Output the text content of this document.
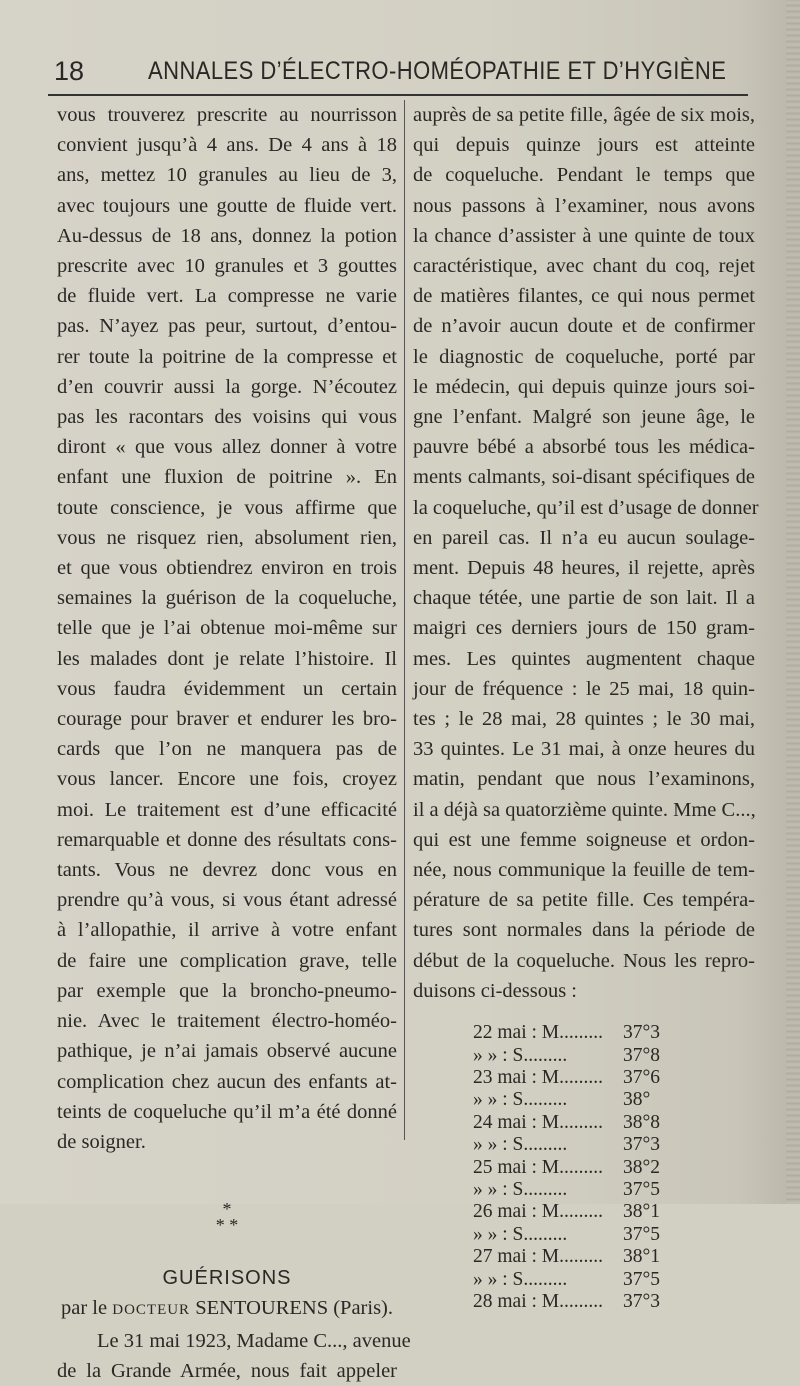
18	ANNALES D’ÉLECTRO-HOMÉOPATHIE ET D’HYGIÈNE
vous trouverez prescrite au nourrisson
convient jusqu’à 4 ans. De 4 ans à 18
ans, mettez 10 granules au lieu de 3,
avec toujours une goutte de fluide vert.
Au-dessus de 18 ans, donnez la potion
prescrite avec 10 granules et 3 gouttes
de fluide vert. La compresse ne varie
pas. N’ayez pas peur, surtout, d’entou-
rer toute la poitrine de la compresse et
d’en couvrir aussi la gorge. N’écoutez
pas les racontars des voisins qui vous
diront « que vous allez donner à votre
enfant une fluxion de poitrine ». En
toute conscience, je vous affirme que
vous ne risquez rien, absolument rien,
et que vous obtiendrez environ en trois
semaines la guérison de la coqueluche,
telle que je l’ai obtenue moi-même sur
les malades dont je relate l’histoire. Il
vous faudra évidemment un certain
courage pour braver et endurer les bro-
cards que l’on ne manquera pas de
vous lancer. Encore une fois, croyez
moi. Le traitement est d’une efficacité
remarquable et donne des résultats cons-
tants. Vous ne devrez donc vous en
prendre qu’à vous, si vous étant adressé
à l’allopathie, il arrive à votre enfant
de faire une complication grave, telle
par exemple que la broncho-pneumo-
nie. Avec le traitement électro-homéo-
pathique, je n’ai jamais observé aucune
complication chez aucun des enfants at-
teints de coqueluche qu’il m’a été donné
de soigner.
*
* *
GUÉRISONS
par le DOCTEUR SENTOURENS (Paris).
Le 31 mai 1923, Madame C..., avenue
de la Grande Armée, nous fait appeler
auprès de sa petite fille, âgée de six mois,
qui depuis quinze jours est atteinte
de coqueluche. Pendant le temps que
nous passons à l’examiner, nous avons
la chance d’assister à une quinte de toux
caractéristique, avec chant du coq, rejet
de matières filantes, ce qui nous permet
de n’avoir aucun doute et de confirmer
le diagnostic de coqueluche, porté par
le médecin, qui depuis quinze jours soi-
gne l’enfant. Malgré son jeune âge, le
pauvre bébé a absorbé tous les médica-
ments calmants, soi-disant spécifiques de
la coqueluche, qu’il est d’usage de donner
en pareil cas. Il n’a eu aucun soulage-
ment. Depuis 48 heures, il rejette, après
chaque tétée, une partie de son lait. Il a
maigri ces derniers jours de 150 gram-
mes. Les quintes augmentent chaque
jour de fréquence : le 25 mai, 18 quin-
tes ; le 28 mai, 28 quintes ; le 30 mai,
33 quintes. Le 31 mai, à onze heures du
matin, pendant que nous l’examinons,
il a déjà sa quatorzième quinte. Mme C...,
qui est une femme soigneuse et ordon-
née, nous communique la feuille de tem-
pérature de sa petite fille. Ces tempéra-
tures sont normales dans la période de
début de la coqueluche. Nous les repro-
duisons ci-dessous :
22 mai : M.........	37°3
» » : S.........	37°8
23 mai : M.........	37°6
» » : S.........	38°
24 mai : M.........	38°8
» » : S.........	37°3
25 mai : M.........	38°2
» » : S.........	37°5
26 mai : M.........	38°1
» » : S.........	37°5
27 mai : M.........	38°1
» » : S.........	37°5
28 mai : M.........	37°3
